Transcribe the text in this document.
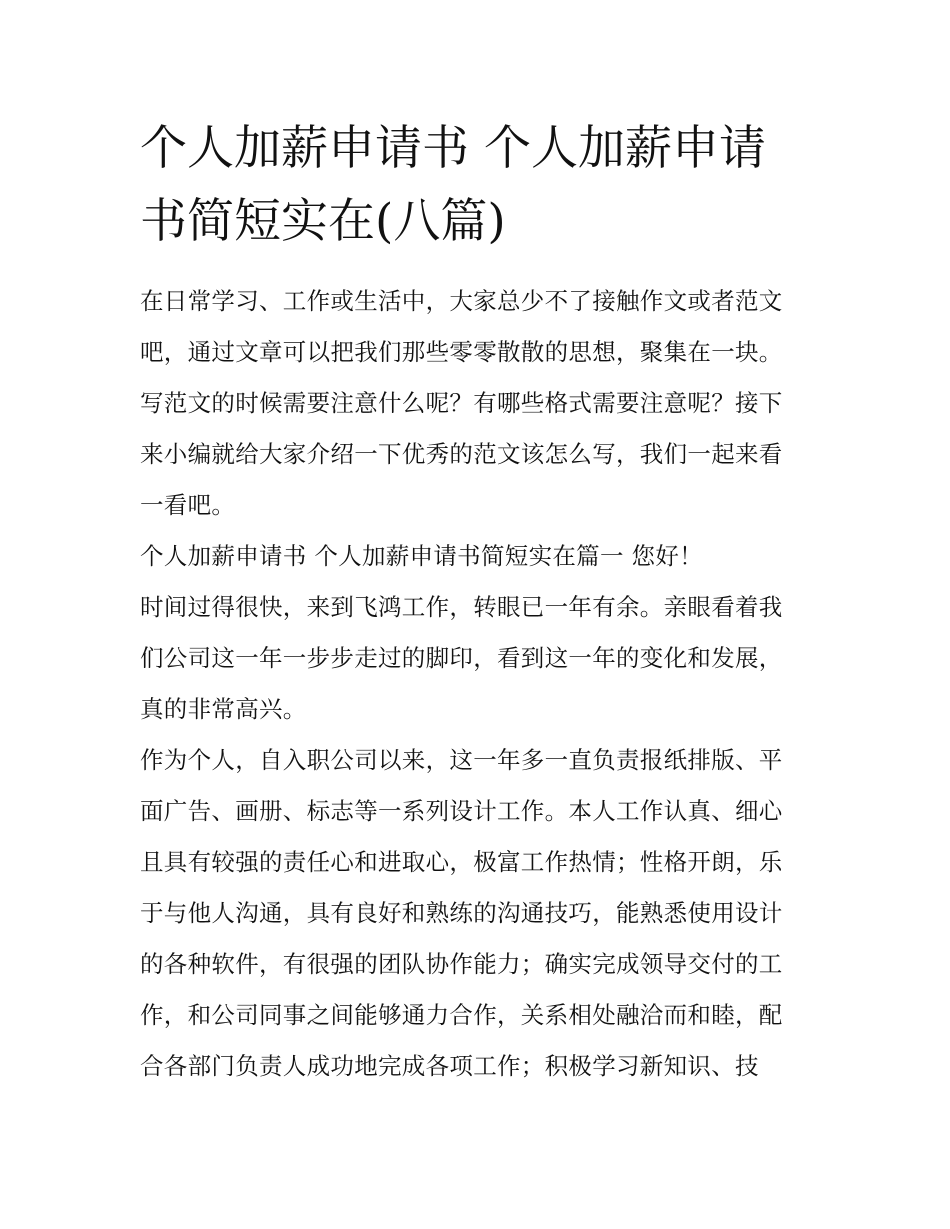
个人加薪申请书 个人加薪申请
书简短实在(八篇)
在日常学习、工作或生活中，大家总少不了接触作文或者范文
吧，通过文章可以把我们那些零零散散的思想，聚集在一块。
写范文的时候需要注意什么呢？有哪些格式需要注意呢？接下
来小编就给大家介绍一下优秀的范文该怎么写，我们一起来看
一看吧。
个人加薪申请书 个人加薪申请书简短实在篇一 您好！
时间过得很快，来到飞鸿工作，转眼已一年有余。亲眼看着我
们公司这一年一步步走过的脚印，看到这一年的变化和发展，
真的非常高兴。
作为个人，自入职公司以来，这一年多一直负责报纸排版、平
面广告、画册、标志等一系列设计工作。本人工作认真、细心
且具有较强的责任心和进取心，极富工作热情；性格开朗，乐
于与他人沟通，具有良好和熟练的沟通技巧，能熟悉使用设计
的各种软件，有很强的团队协作能力；确实完成领导交付的工
作，和公司同事之间能够通力合作，关系相处融洽而和睦，配
合各部门负责人成功地完成各项工作；积极学习新知识、技
